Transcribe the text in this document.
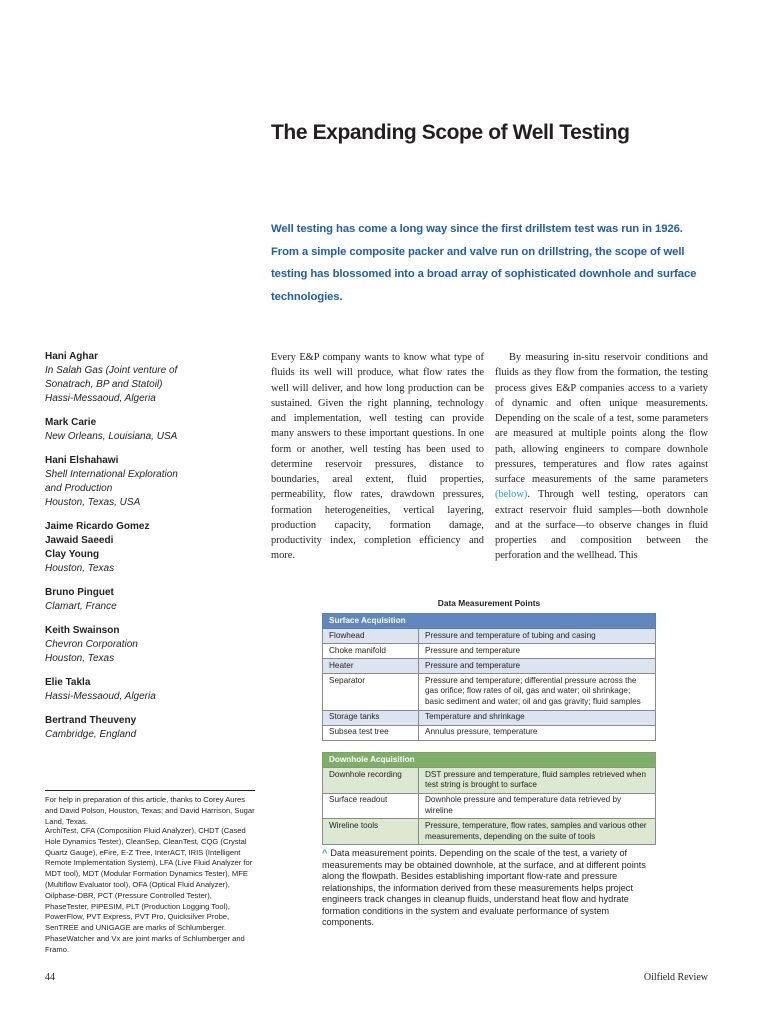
The Expanding Scope of Well Testing

Well testing has come a long way since the first drillstem test was run in 1926. From a simple composite packer and valve run on drillstring, the scope of well testing has blossomed into a broad array of sophisticated downhole and surface technologies.

Hani Aghar
In Salah Gas (Joint venture of
Sonatrach, BP and Statoil)
Hassi-Messaoud, Algeria
Mark Carie
New Orleans, Louisiana, USA
Hani Elshahawi
Shell International Exploration
and Production
Houston, Texas, USA
Jaime Ricardo Gomez
Jawaid Saeedi
Clay Young
Houston, Texas
Bruno Pinguet
Clamart, France
Keith Swainson
Chevron Corporation
Houston, Texas
Elie Takla
Hassi-Messaoud, Algeria
Bertrand Theuveny
Cambridge, England

For help in preparation of this article, thanks to Corey Aures and David Polson, Houston, Texas; and David Harrison, Sugar Land, Texas.

ArchiTest, CFA (Composition Fluid Analyzer), CHDT (Cased Hole Dynamics Tester), CleanSep, CleanTest, CQG (Crystal Quartz Gauge), eFire, E-Z Tree, InterACT, IRIS (Intelligent Remote Implementation System), LFA (Live Fluid Analyzer for MDT tool), MDT (Modular Formation Dynamics Tester), MFE (Multiflow Evaluator tool), OFA (Optical Fluid Analyzer), Oilphase-DBR, PCT (Pressure Controlled Tester), PhaseTester, PIPESIM, PLT (Production Logging Tool), PowerFlow, PVT Express, PVT Pro, Quicksilver Probe, SenTREE and UNIGAGE are marks of Schlumberger. PhaseWatcher and Vx are joint marks of Schlumberger and Framo.

Every E&P company wants to know what type of fluids its well will produce, what flow rates the well will deliver, and how long production can be sustained. Given the right planning, technology and implementation, well testing can provide many answers to these important questions. In one form or another, well testing has been used to determine reservoir pressures, distance to boundaries, areal extent, fluid properties, permeability, flow rates, drawdown pressures, formation heterogeneities, vertical layering, production capacity, formation damage, productivity index, completion efficiency and more.

By measuring in-situ reservoir conditions and fluids as they flow from the formation, the testing process gives E&P companies access to a variety of dynamic and often unique measurements. Depending on the scale of a test, some parameters are measured at multiple points along the flow path, allowing engineers to compare downhole pressures, temperatures and flow rates against surface measurements of the same parameters (below). Through well testing, operators can extract reservoir fluid samples—both downhole and at the surface—to observe changes in fluid properties and composition between the perforation and the wellhead. This

Data Measurement Points

Surface Acquisition	
Flowhead	Pressure and temperature of tubing and casing
Choke manifold	Pressure and temperature
Heater	Pressure and temperature
Separator	Pressure and temperature; differential pressure across the gas orifice; flow rates of oil, gas and water; oil shrinkage; basic sediment and water; oil and gas gravity; fluid samples
Storage tanks	Temperature and shrinkage
Subsea test tree	Annulus pressure, temperature
Downhole Acquisition	
Downhole recording	DST pressure and temperature, fluid samples retrieved when test string is brought to surface
Surface readout	Downhole pressure and temperature data retrieved by wireline
Wireline tools	Pressure, temperature, flow rates, samples and various other measurements, depending on the suite of tools

^ Data measurement points. Depending on the scale of the test, a variety of measurements may be obtained downhole, at the surface, and at different points along the flowpath. Besides establishing important flow-rate and pressure relationships, the information derived from these measurements helps project engineers track changes in cleanup fluids, understand heat flow and hydrate formation conditions in the system and evaluate performance of system components.

44	Oilfield Review
